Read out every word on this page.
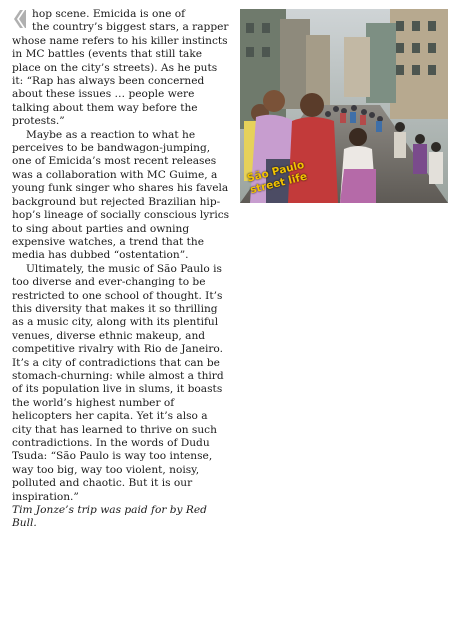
hop scene. Emicida is one of
the country’s biggest stars, a rapper whose name refers to his killer instincts in MC battles (events that still take place on the city’s streets). As he puts it: “Rap has always been concerned about these issues … people were talking about them way before the protests.”

Maybe as a reaction to what he perceives to be bandwagon-jumping, one of Emicida’s most recent releases was a collaboration with MC Guime, a young funk singer who shares his favela background but rejected Brazilian hip-hop’s lineage of socially conscious lyrics to sing about parties and owning expensive watches, a trend that the media has dubbed “ostentation”.

Ultimately, the music of São Paulo is too diverse and ever-changing to be restricted to one school of thought. It’s this diversity that makes it so thrilling as a music city, along with its plentiful venues, diverse ethnic makeup, and competitive rivalry with Rio de Janeiro. It’s a city of contradictions that can be stomach-churning: while almost a third of its population live in slums, it boasts the world’s highest number of helicopters her capita. Yet it’s also a city that has learned to thrive on such contradictions. In the words of Dudu Tsuda: “São Paulo is way too intense, way too big, way too violent, noisy, polluted and chaotic. But it is our inspiration.”

Tim Jonze’s trip was paid for by Red Bull.

São Paulo street life
